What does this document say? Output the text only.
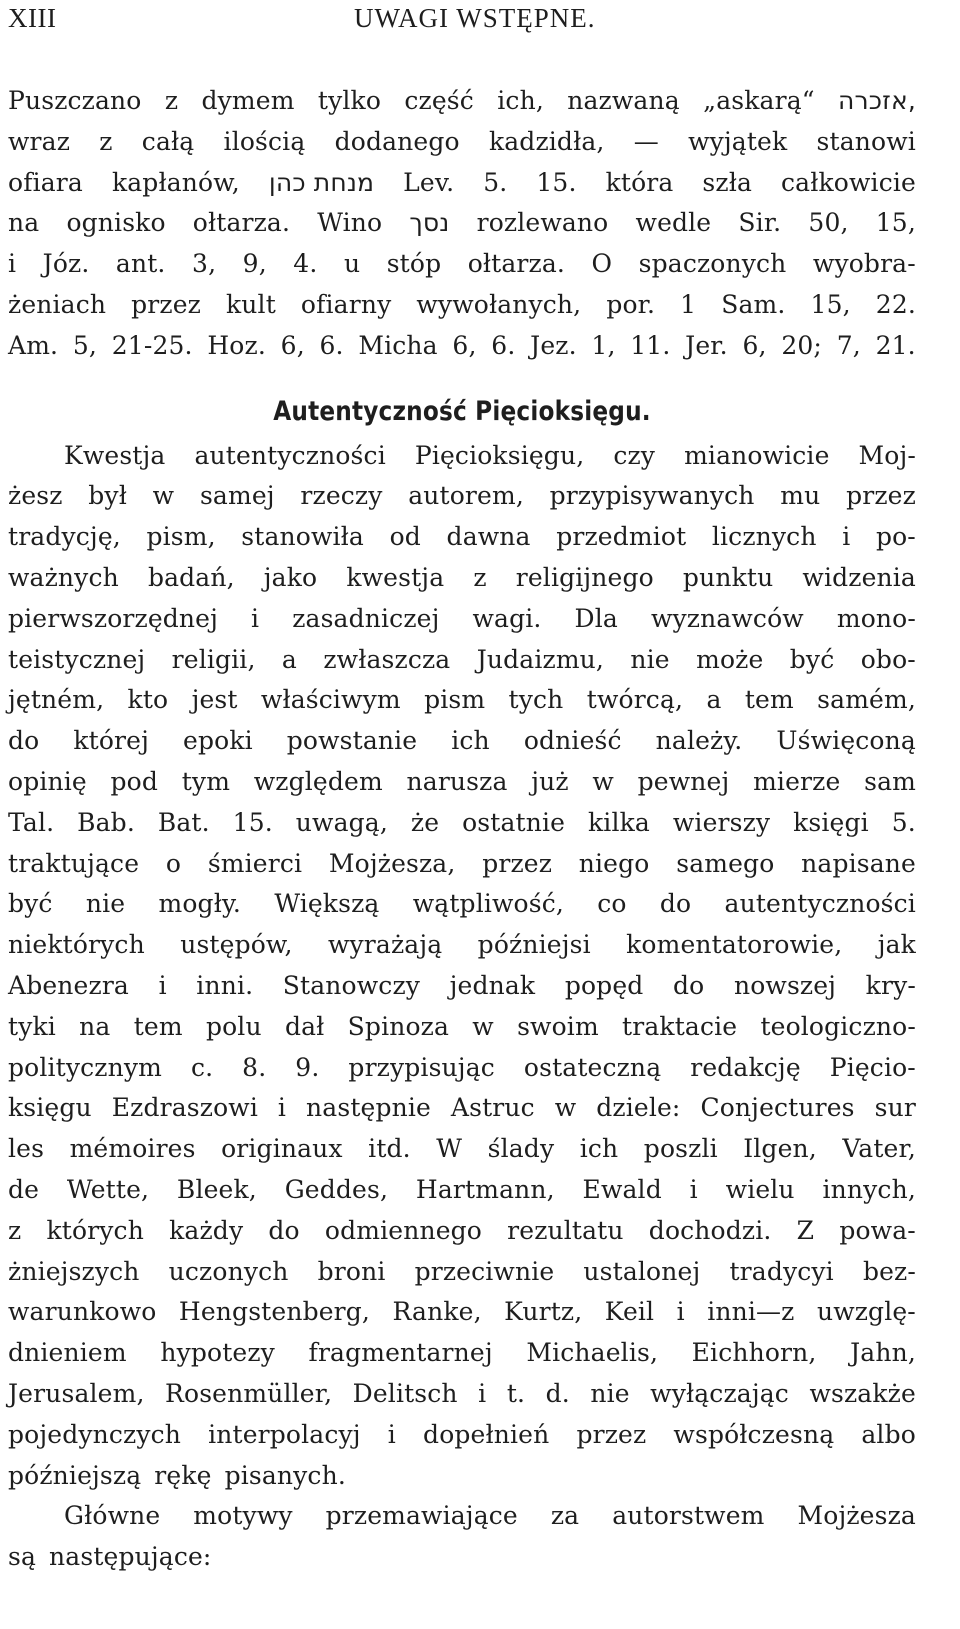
XIII	UWAGI WSTĘPNE.
Puszczano z dymem tylko część ich, nazwaną „askarą“ אזכרה,
wraz z całą ilością dodanego kadzidła, — wyjątek stanowi
ofiara kapłanów, מנחת כהן Lev. 5. 15. która szła całkowicie
na ognisko ołtarza. Wino נסך rozlewano wedle Sir. 50, 15,
i Józ. ant. 3, 9, 4. u stóp ołtarza. O spaczonych wyobra-
żeniach przez kult ofiarny wywołanych, por. 1 Sam. 15, 22.
Am. 5, 21-25. Hoz. 6, 6. Micha 6, 6. Jez. 1, 11. Jer. 6, 20; 7, 21.
Autentyczność Pięcioksięgu.
Kwestja autentyczności Pięcioksięgu, czy mianowicie Moj-
żesz był w samej rzeczy autorem, przypisywanych mu przez
tradycję, pism, stanowiła od dawna przedmiot licznych i po-
ważnych badań, jako kwestja z religijnego punktu widzenia
pierwszorzędnej i zasadniczej wagi. Dla wyznawców mono-
teistycznej religii, a zwłaszcza Judaizmu, nie może być obo-
jętném, kto jest właściwym pism tych twórcą, a tem samém,
do której epoki powstanie ich odnieść należy. Uświęconą
opinię pod tym względem narusza już w pewnej mierze sam
Tal. Bab. Bat. 15. uwagą, że ostatnie kilka wierszy księgi 5.
traktujące o śmierci Mojżesza, przez niego samego napisane
być nie mogły. Większą wątpliwość, co do autentyczności
niektórych ustępów, wyrażają późniejsi komentatorowie, jak
Abenezra i inni. Stanowczy jednak popęd do nowszej kry-
tyki na tem polu dał Spinoza w swoim traktacie teologiczno-
politycznym c. 8. 9. przypisując ostateczną redakcję Pięcio-
księgu Ezdraszowi i następnie Astruc w dziele: Conjectures sur
les mémoires originaux itd. W ślady ich poszli Ilgen, Vater,
de Wette, Bleek, Geddes, Hartmann, Ewald i wielu innych,
z których każdy do odmiennego rezultatu dochodzi. Z powa-
żniejszych uczonych broni przeciwnie ustalonej tradycyi bez-
warunkowo Hengstenberg, Ranke, Kurtz, Keil i inni—z uwzglę-
dnieniem hypotezy fragmentarnej Michaelis, Eichhorn, Jahn,
Jerusalem, Rosenmüller, Delitsch i t. d. nie wyłączając wszakże
pojedynczych interpolacyj i dopełnień przez współczesną albo
późniejszą rękę pisanych.
Główne motywy przemawiające za autorstwem Mojżesza
są następujące:
